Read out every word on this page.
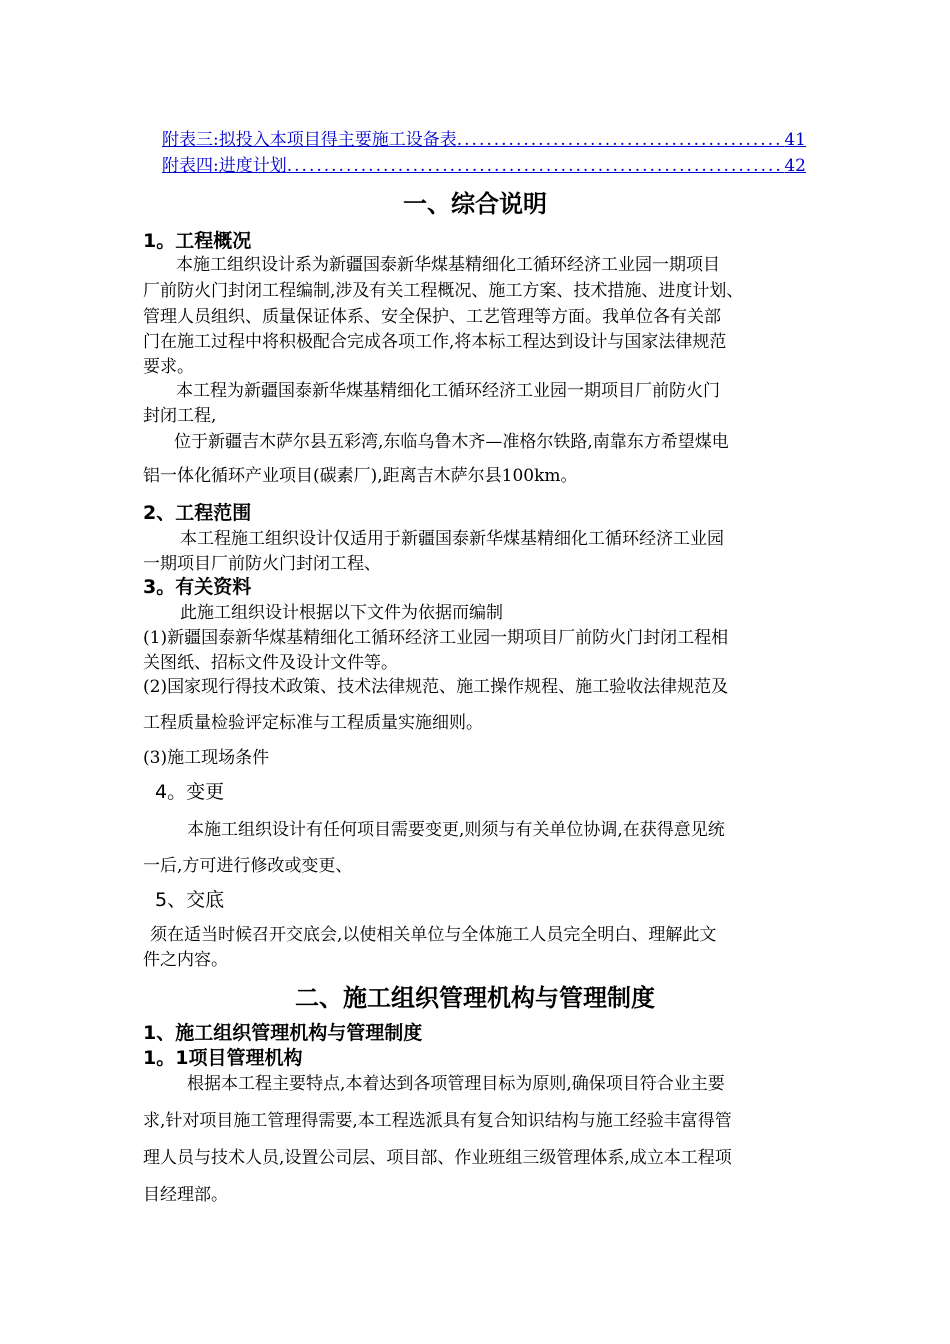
附表三:拟投入本项目得主要施工设备表 .....	41
附表四:进度计划 .....	42
一、综合说明
1。工程概况
本施工组织设计系为新疆国泰新华煤基精细化工循环经济工业园一期项目
厂前防火门封闭工程编制,涉及有关工程概况、施工方案、技术措施、进度计划、
管理人员组织、质量保证体系、安全保护、工艺管理等方面。我单位各有关部
门在施工过程中将积极配合完成各项工作,将本标工程达到设计与国家法律规范
要求。
本工程为新疆国泰新华煤基精细化工循环经济工业园一期项目厂前防火门
封闭工程,
位于新疆吉木萨尔县五彩湾,东临乌鲁木齐—准格尔铁路,南靠东方希望煤电
铝一体化循环产业项目(碳素厂),距离吉木萨尔县100km。
2、工程范围
本工程施工组织设计仅适用于新疆国泰新华煤基精细化工循环经济工业园
一期项目厂前防火门封闭工程、
3。有关资料
此施工组织设计根据以下文件为依据而编制
(1)新疆国泰新华煤基精细化工循环经济工业园一期项目厂前防火门封闭工程相
关图纸、招标文件及设计文件等。
(2)国家现行得技术政策、技术法律规范、施工操作规程、施工验收法律规范及
工程质量检验评定标准与工程质量实施细则。
(3)施工现场条件
4。变更
本施工组织设计有任何项目需要变更,则须与有关单位协调,在获得意见统
一后,方可进行修改或变更、
5、交底
须在适当时候召开交底会,以使相关单位与全体施工人员完全明白、理解此文
件之内容。
二、施工组织管理机构与管理制度
1、施工组织管理机构与管理制度
1。1项目管理机构
根据本工程主要特点,本着达到各项管理目标为原则,确保项目符合业主要
求,针对项目施工管理得需要,本工程选派具有复合知识结构与施工经验丰富得管
理人员与技术人员,设置公司层、项目部、作业班组三级管理体系,成立本工程项
目经理部。
